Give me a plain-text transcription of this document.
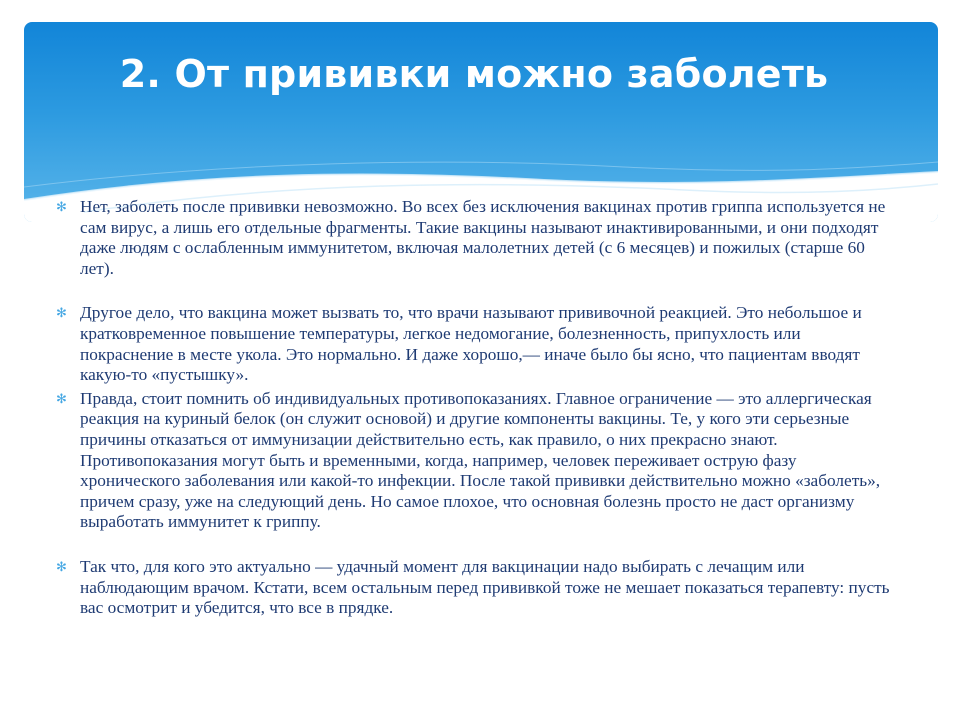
2. От прививки можно заболеть

✻ Нет, заболеть после прививки невозможно. Во всех без исключения вакцинах против гриппа используется не сам вирус, а лишь его отдельные фрагменты. Такие вакцины называют инактивированными, и они подходят даже людям с ослабленным иммунитетом, включая малолетних детей (с 6 месяцев) и пожилых (старше 60 лет).

✻ Другое дело, что вакцина может вызвать то, что врачи называют прививочной реакцией. Это небольшое и кратковременное повышение температуры, легкое недомогание, болезненность, припухлость или покраснение в месте укола. Это нормально. И даже хорошо,— иначе было бы ясно, что пациентам вводят какую-то «пустышку».

✻ Правда, стоит помнить об индивидуальных противопоказаниях. Главное ограничение — это аллергическая реакция на куриный белок (он служит основой) и другие компоненты вакцины. Те, у кого эти серьезные причины отказаться от иммунизации действительно есть, как правило, о них прекрасно знают. Противопоказания могут быть и временными, когда, например, человек переживает острую фазу хронического заболевания или какой-то инфекции. После такой прививки действительно можно «заболеть», причем сразу, уже на следующий день. Но самое плохое, что основная болезнь просто не даст организму выработать иммунитет к гриппу.

✻ Так что, для кого это актуально — удачный момент для вакцинации надо выбирать с лечащим или наблюдающим врачом. Кстати, всем остальным перед прививкой тоже не мешает показаться терапевту: пусть вас осмотрит и убедится, что все в прядке.
